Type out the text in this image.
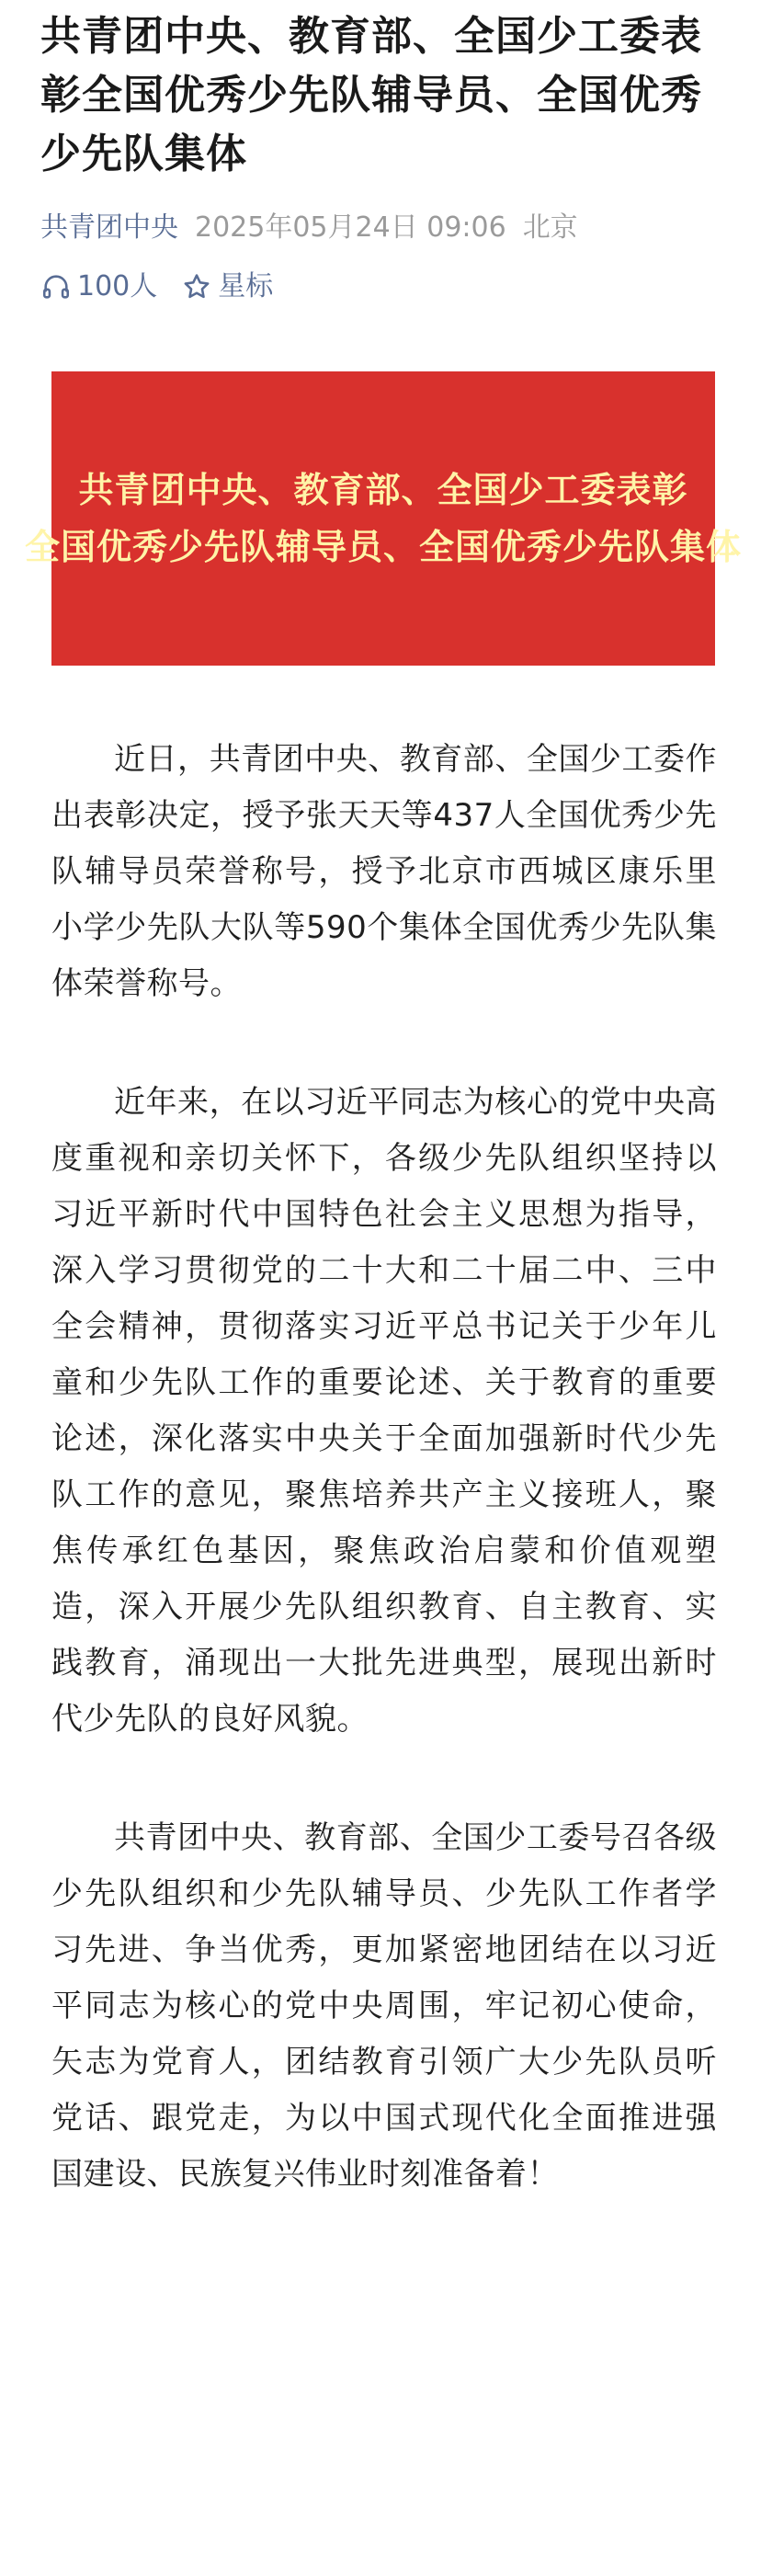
共青团中央、教育部、全国少工委表彰全国优秀少先队辅导员、全国优秀少先队集体
共青团中央 2025年05月24日 09:06 北京
100人 星标
共青团中央、教育部、全国少工委表彰
全国优秀少先队辅导员、全国优秀少先队集体

近日，共青团中央、教育部、全国少工委作出表彰决定，授予张天天等437人全国优秀少先队辅导员荣誉称号，授予北京市西城区康乐里小学少先队大队等590个集体全国优秀少先队集体荣誉称号。

近年来，在以习近平同志为核心的党中央高度重视和亲切关怀下，各级少先队组织坚持以习近平新时代中国特色社会主义思想为指导，深入学习贯彻党的二十大和二十届二中、三中全会精神，贯彻落实习近平总书记关于少年儿童和少先队工作的重要论述、关于教育的重要论述，深化落实中央关于全面加强新时代少先队工作的意见，聚焦培养共产主义接班人，聚焦传承红色基因，聚焦政治启蒙和价值观塑造，深入开展少先队组织教育、自主教育、实践教育，涌现出一大批先进典型，展现出新时代少先队的良好风貌。

共青团中央、教育部、全国少工委号召各级少先队组织和少先队辅导员、少先队工作者学习先进、争当优秀，更加紧密地团结在以习近平同志为核心的党中央周围，牢记初心使命，矢志为党育人，团结教育引领广大少先队员听党话、跟党走，为以中国式现代化全面推进强国建设、民族复兴伟业时刻准备着！
